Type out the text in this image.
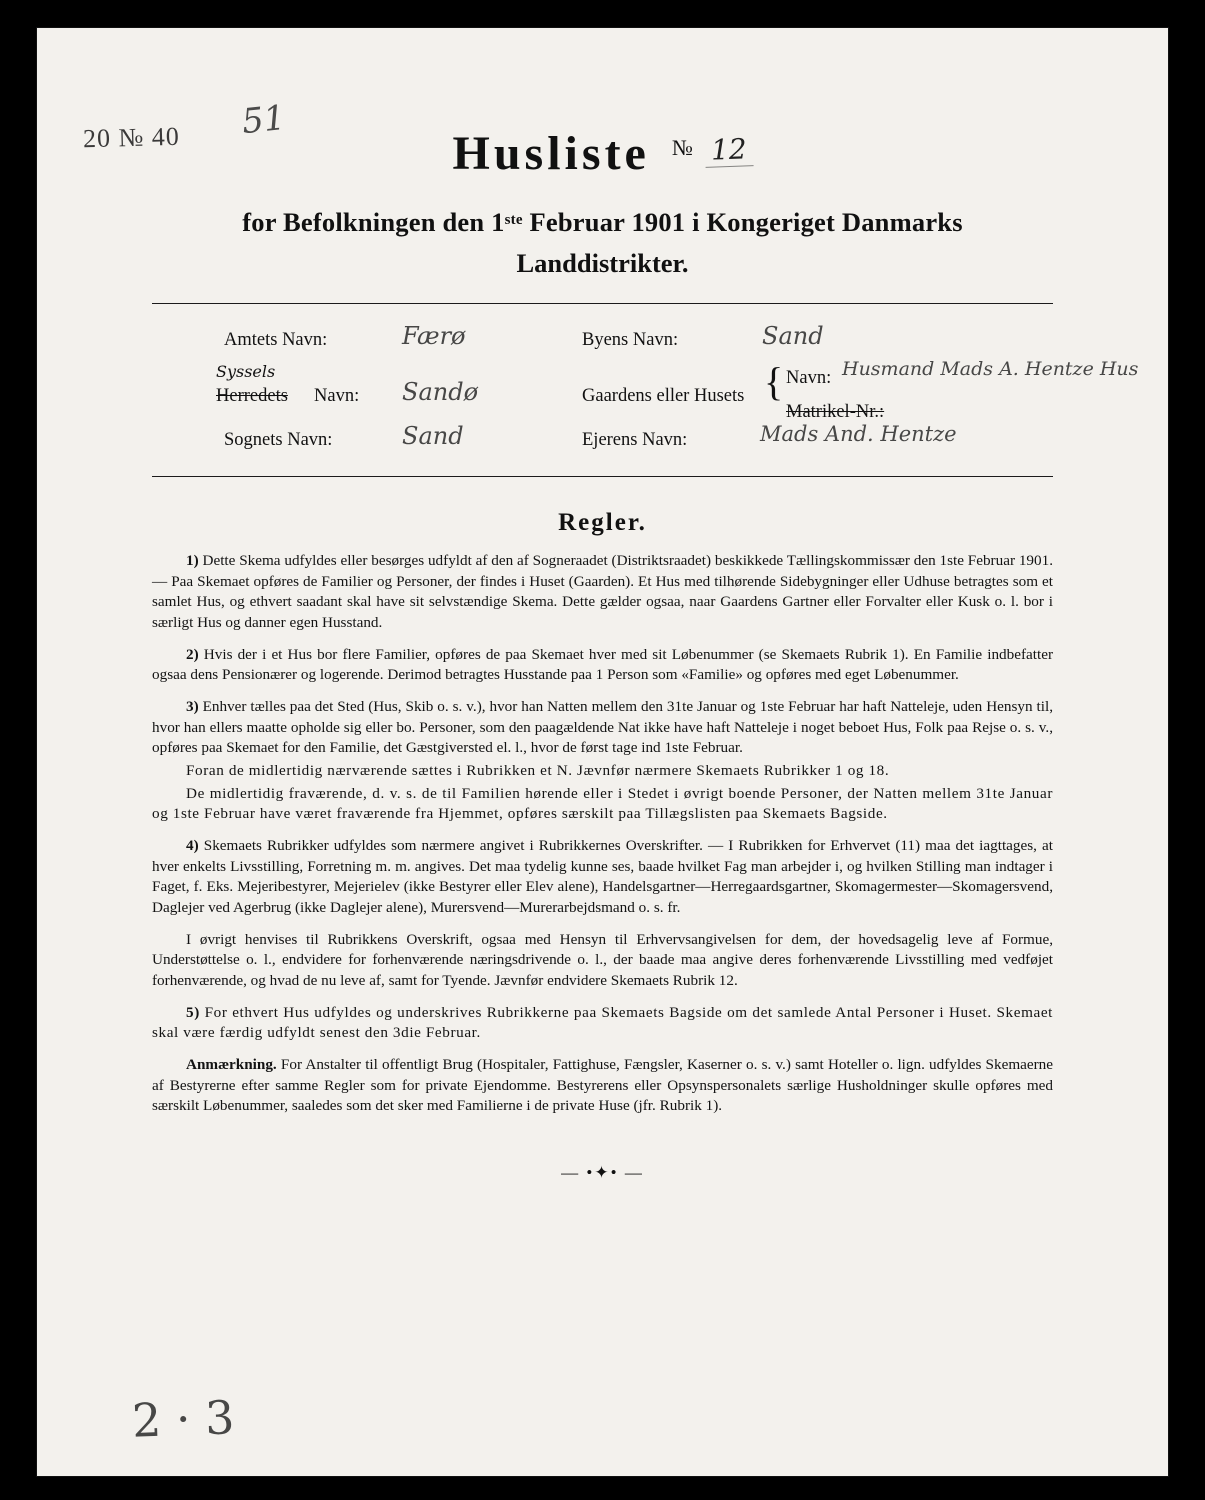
20 № 40 51
Husliste № 12
for Befolkningen den 1ste Februar 1901 i Kongeriget Danmarks
Landdistrikter.
Amtets Navn:	Færø
Syssels
Herredets Navn: Sandø
Sognets Navn:	Sand
Byens Navn:	Sand
Gaardens eller Husets { Navn: Husmand Mads A. Hentze Hus
Matrikel-Nr.:
Ejerens Navn:	Mads And. Hentze
Regler.

1) Dette Skema udfyldes eller besørges udfyldt af den af Sogneraadet (Distriktsraadet) beskikkede Tællingskommissær den 1ste Februar 1901. — Paa Skemaet opføres de Familier og Personer, der findes i Huset (Gaarden). Et Hus med tilhørende Sidebygninger eller Udhuse betragtes som et samlet Hus, og ethvert saadant skal have sit selvstændige Skema. Dette gælder ogsaa, naar Gaardens Gartner eller Forvalter eller Kusk o. l. bor i særligt Hus og danner egen Husstand.

2) Hvis der i et Hus bor flere Familier, opføres de paa Skemaet hver med sit Løbenummer (se Skemaets Rubrik 1). En Familie indbefatter ogsaa dens Pensionærer og logerende. Derimod betragtes Husstande paa 1 Person som «Familie» og opføres med eget Løbenummer.

3) Enhver tælles paa det Sted (Hus, Skib o. s. v.), hvor han Natten mellem den 31te Januar og 1ste Februar har haft Natteleje, uden Hensyn til, hvor han ellers maatte opholde sig eller bo. Personer, som den paagældende Nat ikke have haft Natteleje i noget beboet Hus, Folk paa Rejse o. s. v., opføres paa Skemaet for den Familie, det Gæstgiversted el. l., hvor de først tage ind 1ste Februar.

Foran de midlertidig nærværende sættes i Rubrikken et N. Jævnfør nærmere Skemaets Rubrikker 1 og 18.

De midlertidig fraværende, d. v. s. de til Familien hørende eller i Stedet i øvrigt boende Personer, der Natten mellem 31te Januar og 1ste Februar have været fraværende fra Hjemmet, opføres særskilt paa Tillægslisten paa Skemaets Bagside.

4) Skemaets Rubrikker udfyldes som nærmere angivet i Rubrikkernes Overskrifter. — I Rubrikken for Erhvervet (11) maa det iagttages, at hver enkelts Livsstilling, Forretning m. m. angives. Det maa tydelig kunne ses, baade hvilket Fag man arbejder i, og hvilken Stilling man indtager i Faget, f. Eks. Mejeribestyrer, Mejerielev (ikke Bestyrer eller Elev alene), Handelsgartner—Herregaardsgartner, Skomagermester—Skomagersvend, Daglejer ved Agerbrug (ikke Daglejer alene), Murersvend—Murerarbejdsmand o. s. fr.

I øvrigt henvises til Rubrikkens Overskrift, ogsaa med Hensyn til Erhvervsangivelsen for dem, der hovedsagelig leve af Formue, Understøttelse o. l., endvidere for forhenværende næringsdrivende o. l., der baade maa angive deres forhenværende Livsstilling med vedføjet forhenværende, og hvad de nu leve af, samt for Tyende. Jævnfør endvidere Skemaets Rubrik 12.

5) For ethvert Hus udfyldes og underskrives Rubrikkerne paa Skemaets Bagside om det samlede Antal Personer i Huset. Skemaet skal være færdig udfyldt senest den 3die Februar.

Anmærkning. For Anstalter til offentligt Brug (Hospitaler, Fattighuse, Fængsler, Kaserner o. s. v.) samt Hoteller o. lign. udfyldes Skemaerne af Bestyrerne efter samme Regler som for private Ejendomme. Bestyrerens eller Opsynspersonalets særlige Husholdninger skulle opføres med særskilt Løbenummer, saaledes som det sker med Familierne i de private Huse (jfr. Rubrik 1).

— •✦• —
2 · 3
